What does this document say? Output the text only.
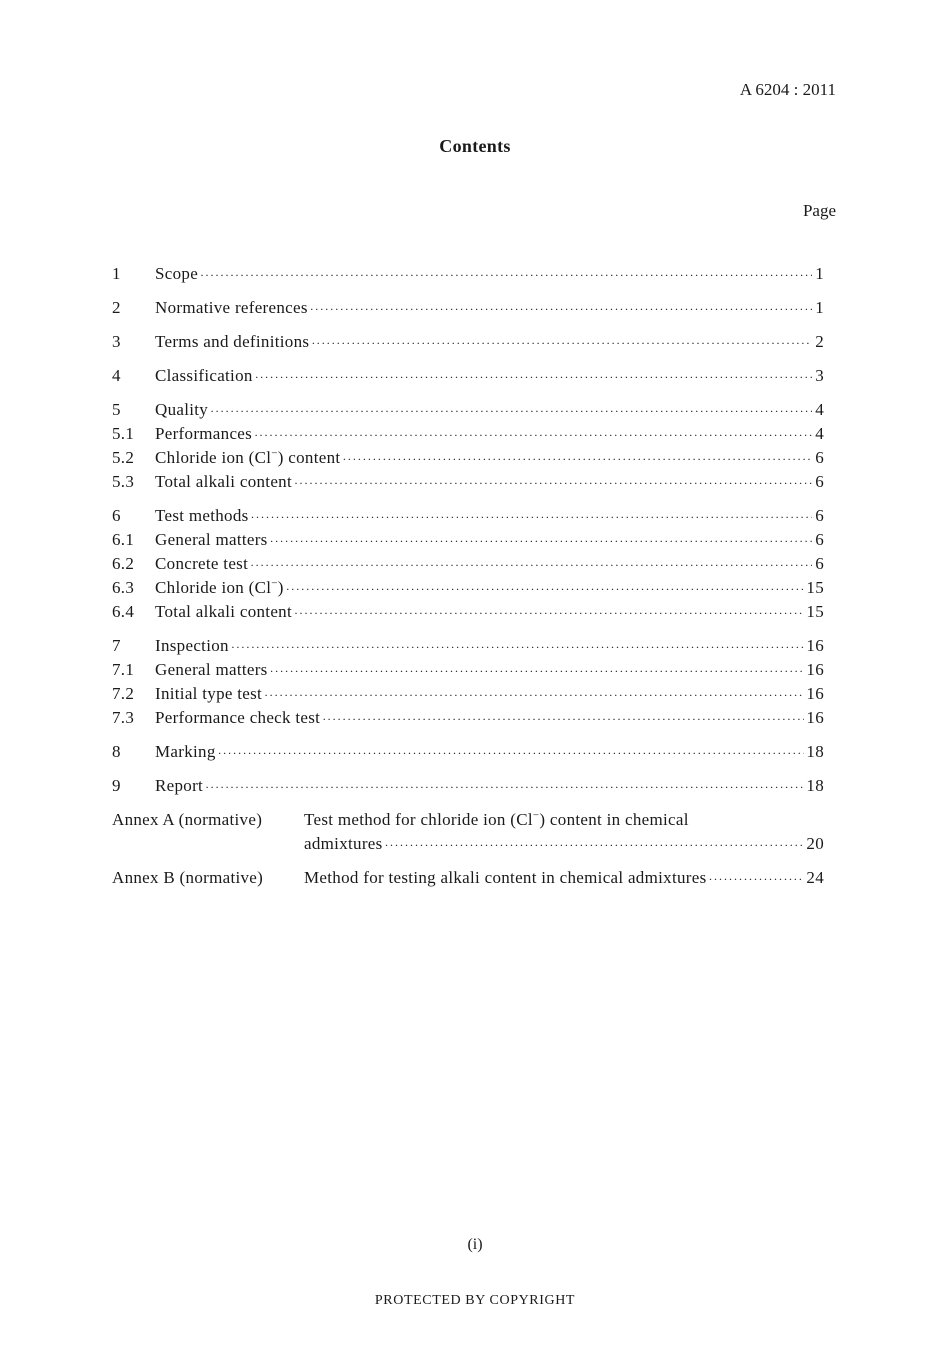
A 6204 : 2011
Contents
Page
1	Scope ·····	1
2	Normative references ·····	1
3	Terms and definitions ·····	2
4	Classification ·····	3
5	Quality ·····	4
5.1	Performances ·····	4
5.2	Chloride ion (Cl−) content ·····	6
5.3	Total alkali content ·····	6
6	Test methods ·····	6
6.1	General matters ·····	6
6.2	Concrete test ·····	6
6.3	Chloride ion (Cl−) ·····	15
6.4	Total alkali content ·····	15
7	Inspection ·····	16
7.1	General matters ·····	16
7.2	Initial type test ·····	16
7.3	Performance check test ·····	16
8	Marking ·····	18
9	Report ·····	18
Annex A (normative)	Test method for chloride ion (Cl−) content in chemical
admixtures ·····	20
Annex B (normative)	Method for testing alkali content in chemical admixtures ·····	24
(i)
PROTECTED BY COPYRIGHT
